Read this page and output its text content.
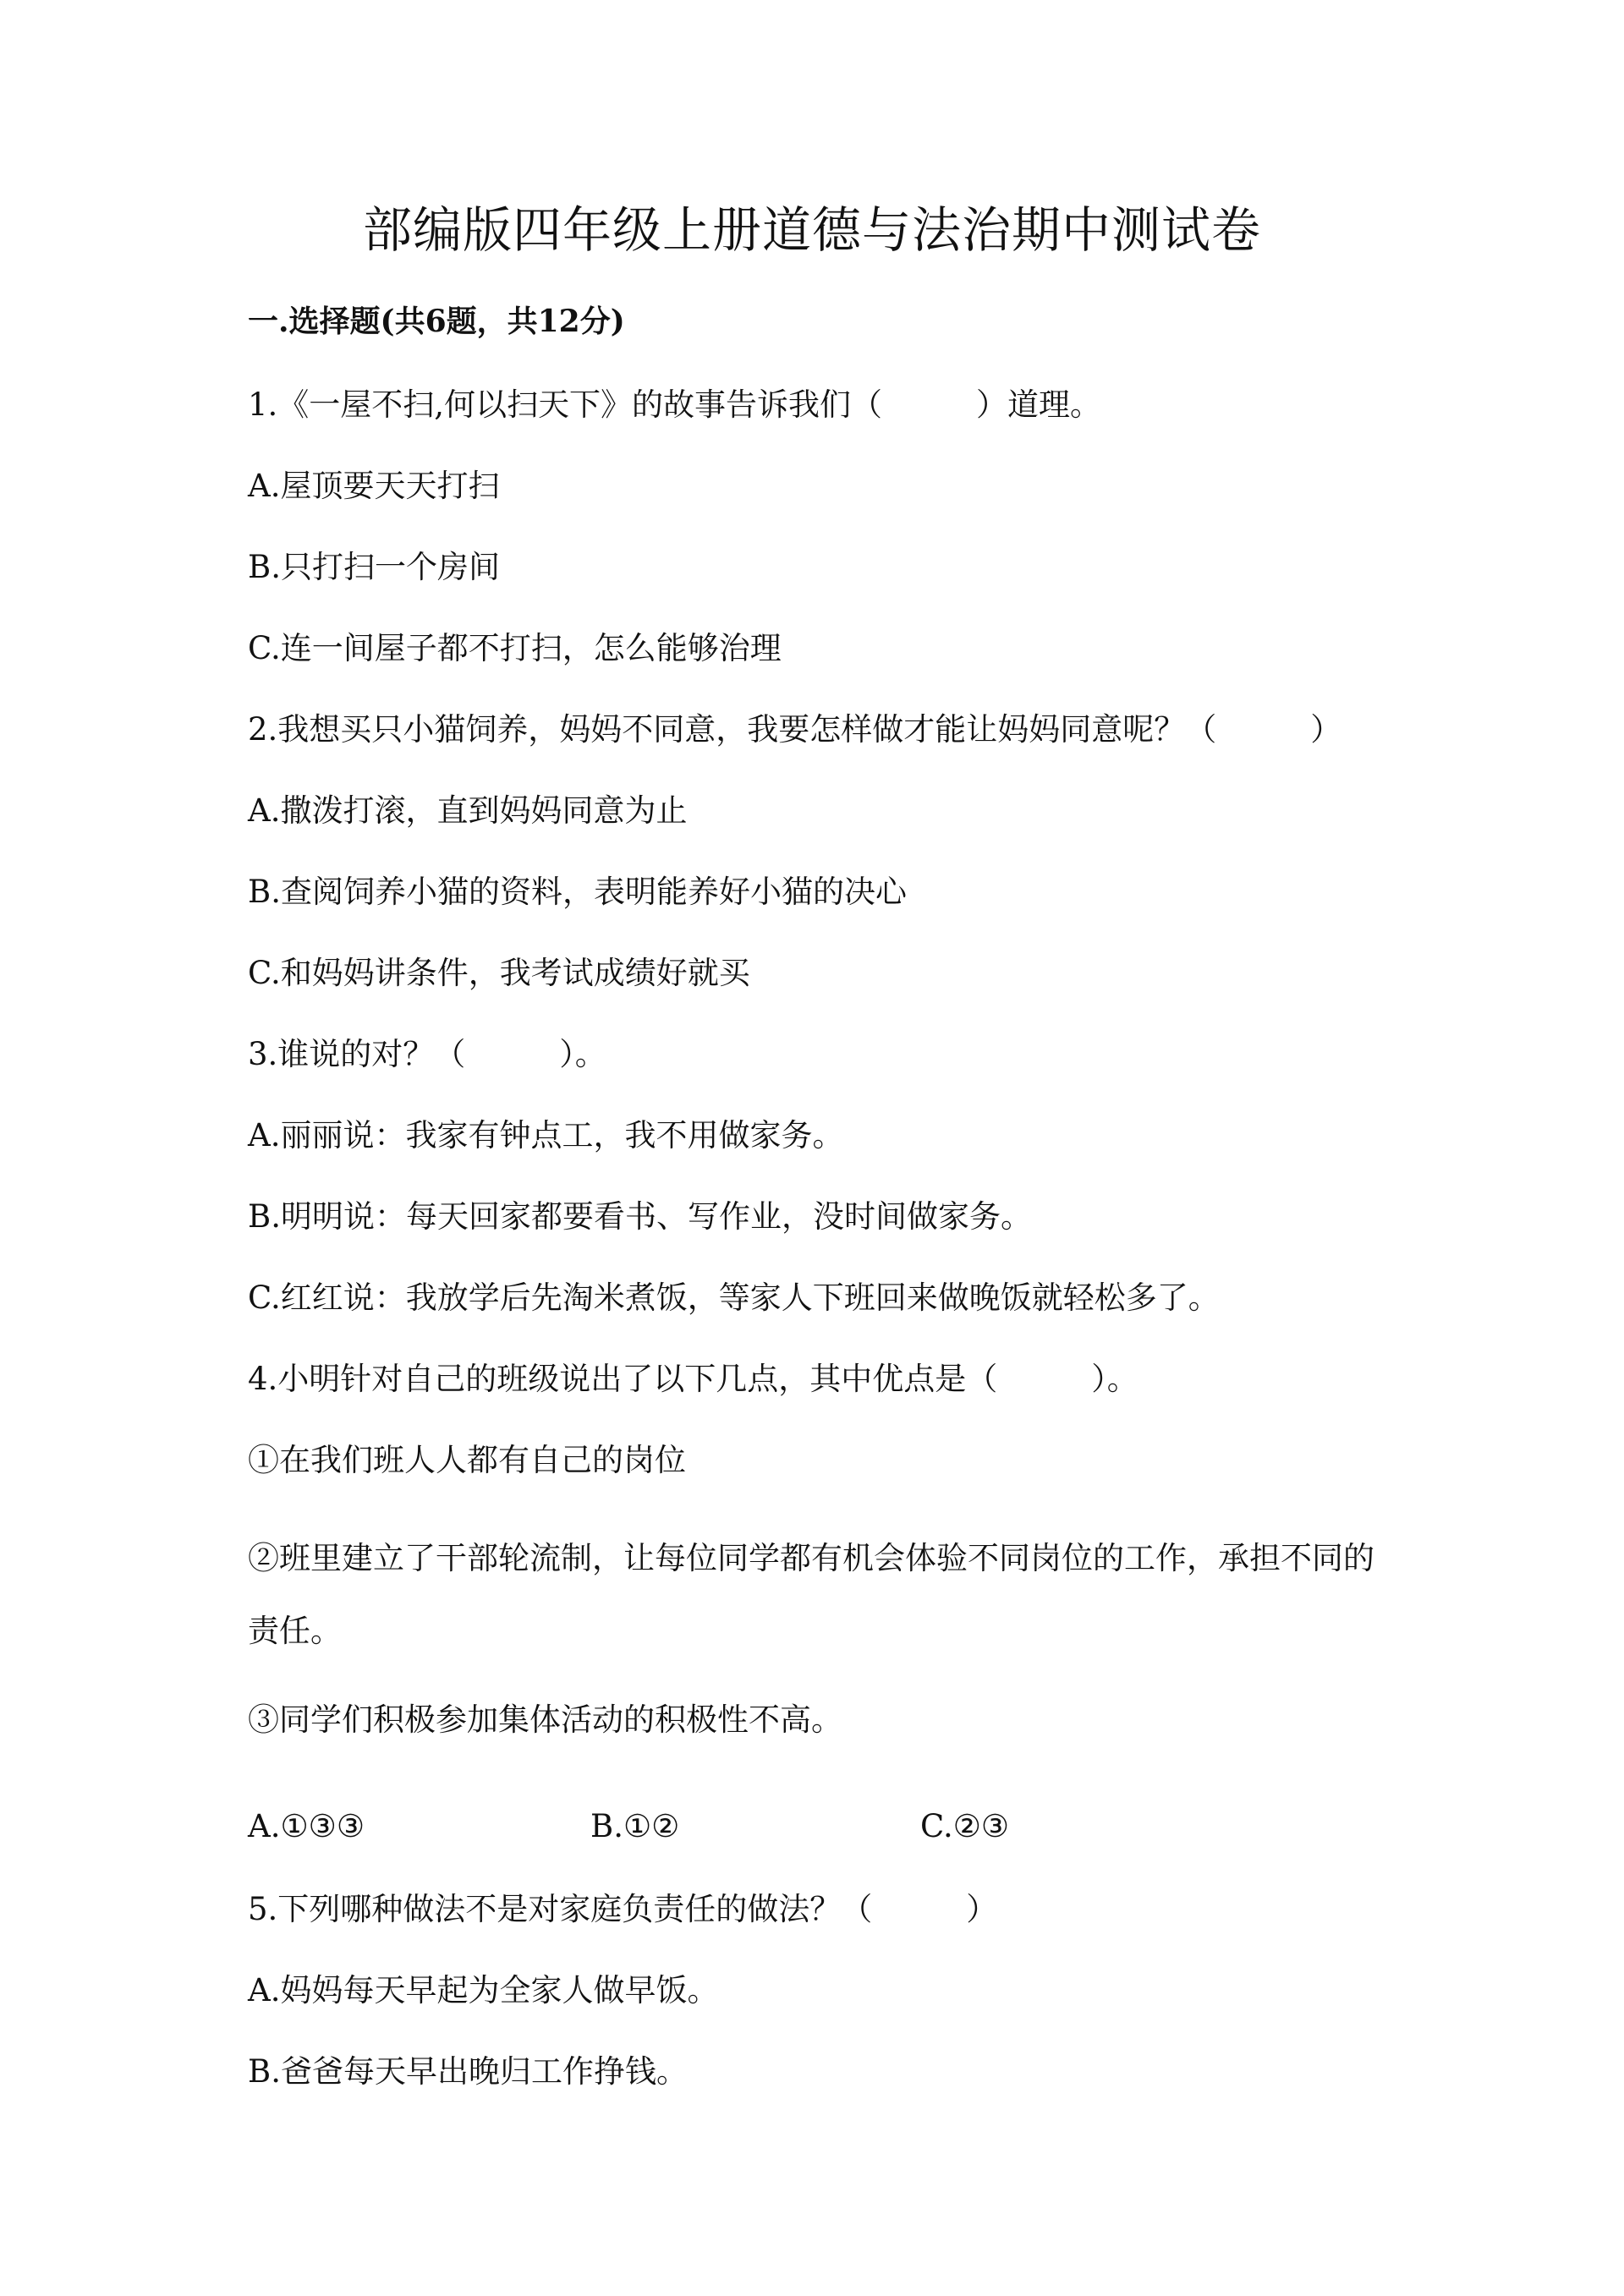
部编版四年级上册道德与法治期中测试卷

一.选择题(共6题，共12分)

1.《一屋不扫,何以扫天下》的故事告诉我们（　　　）道理。

A.屋顶要天天打扫

B.只打扫一个房间

C.连一间屋子都不打扫，怎么能够治理

2.我想买只小猫饲养，妈妈不同意，我要怎样做才能让妈妈同意呢？（　　　）

A.撒泼打滚，直到妈妈同意为止

B.查阅饲养小猫的资料，表明能养好小猫的决心

C.和妈妈讲条件，我考试成绩好就买

3.谁说的对？（　　　）。

A.丽丽说：我家有钟点工，我不用做家务。

B.明明说：每天回家都要看书、写作业，没时间做家务。

C.红红说：我放学后先淘米煮饭，等家人下班回来做晚饭就轻松多了。

4.小明针对自己的班级说出了以下几点，其中优点是（　　　）。

①在我们班人人都有自己的岗位

②班里建立了干部轮流制，让每位同学都有机会体验不同岗位的工作，承担不同的责任。

③同学们积极参加集体活动的积极性不高。

A.①③③	B.①②	C.②③

5.下列哪种做法不是对家庭负责任的做法？（　　　）

A.妈妈每天早起为全家人做早饭。

B.爸爸每天早出晚归工作挣钱。
